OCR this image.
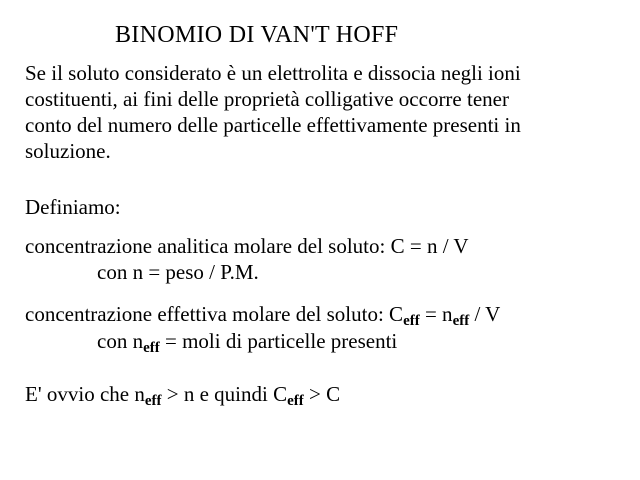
BINOMIO DI VAN'T HOFF
Se il soluto considerato è un elettrolita e dissocia negli ioni
costituenti, ai fini delle proprietà colligative occorre tener
conto del numero delle particelle effettivamente presenti in
soluzione.
Definiamo:
concentrazione analitica molare del soluto: C = n / V
con n = peso / P.M.
concentrazione effettiva molare del soluto: $C_{eff} = n_{eff} / V$
con $n_{eff}$ = moli di particelle presenti
E' ovvio che $n_{eff} > n$ e quindi $C_{eff} > C$
